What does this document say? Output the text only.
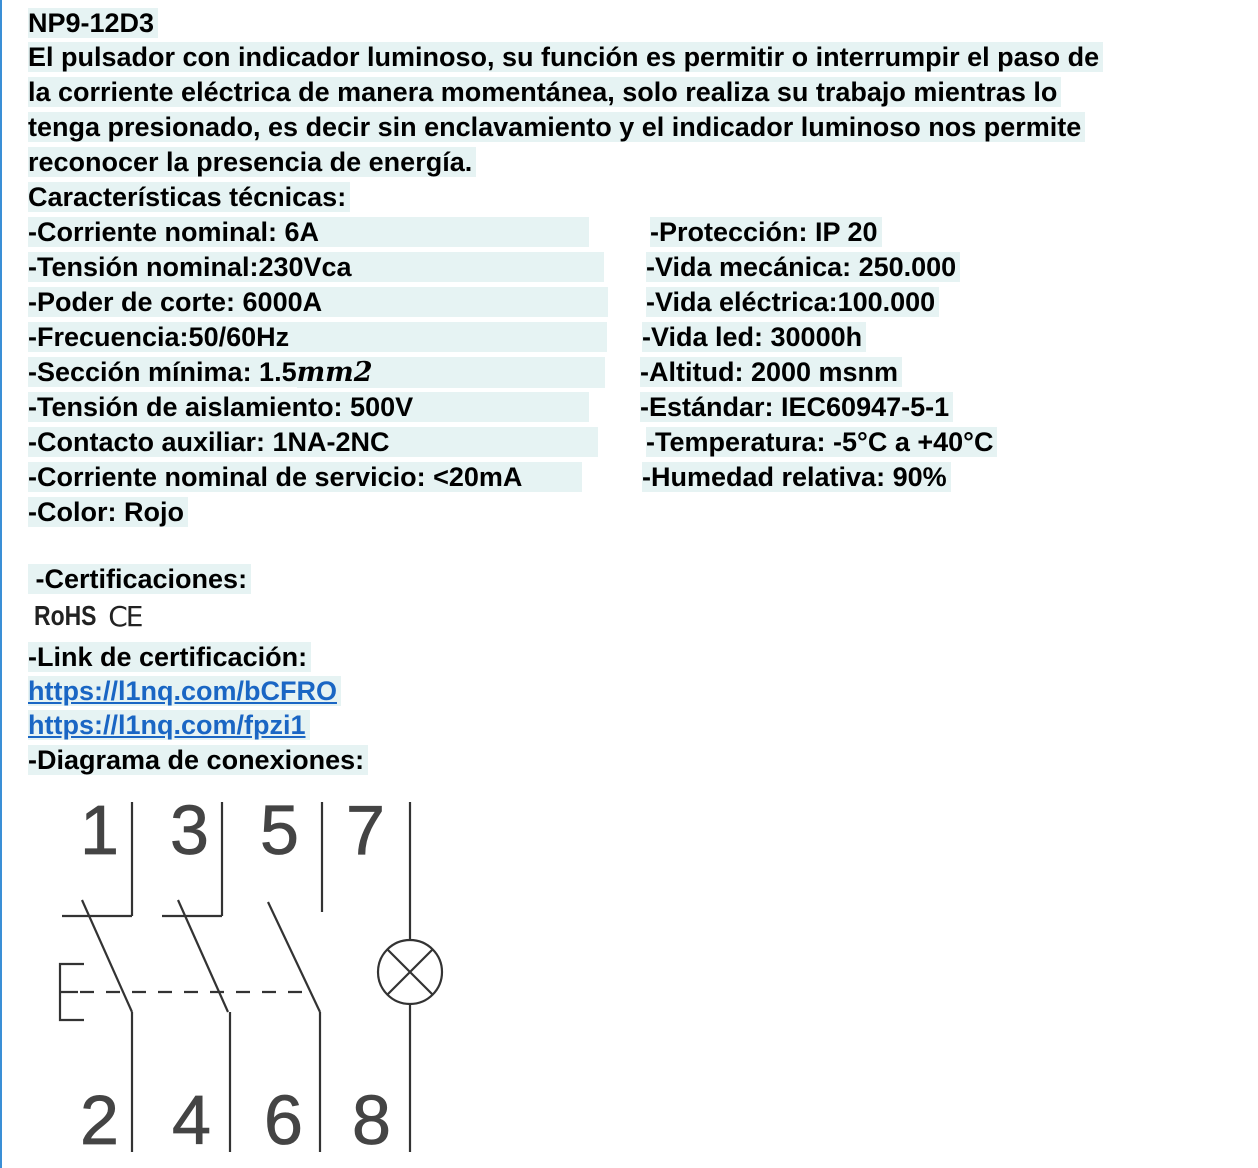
NP9-12D3
El pulsador con indicador luminoso, su función es permitir o interrumpir el paso de
la corriente eléctrica de manera momentánea, solo realiza su trabajo mientras lo
tenga presionado, es decir sin enclavamiento y el indicador luminoso nos permite
reconocer la presencia de energía.
Características técnicas:
-Corriente nominal: 6A
-Tensión nominal:230Vca
-Poder de corte: 6000A
-Frecuencia:50/60Hz
-Sección mínima: 1.5mm2
-Tensión de aislamiento: 500V
-Contacto auxiliar: 1NA-2NC
-Corriente nominal de servicio: <20mA
-Color: Rojo
-Protección: IP 20
-Vida mecánica: 250.000
-Vida eléctrica:100.000
-Vida led: 30000h
-Altitud: 2000 msnm
-Estándar: IEC60947-5-1
-Temperatura: -5°C a +40°C
-Humedad relativa: 90%
-Certificaciones:
RoHS CE
-Link de certificación:
https://l1nq.com/bCFRO
https://l1nq.com/fpzi1
-Diagrama de conexiones:
1 3 5 7
2 4 6 8
